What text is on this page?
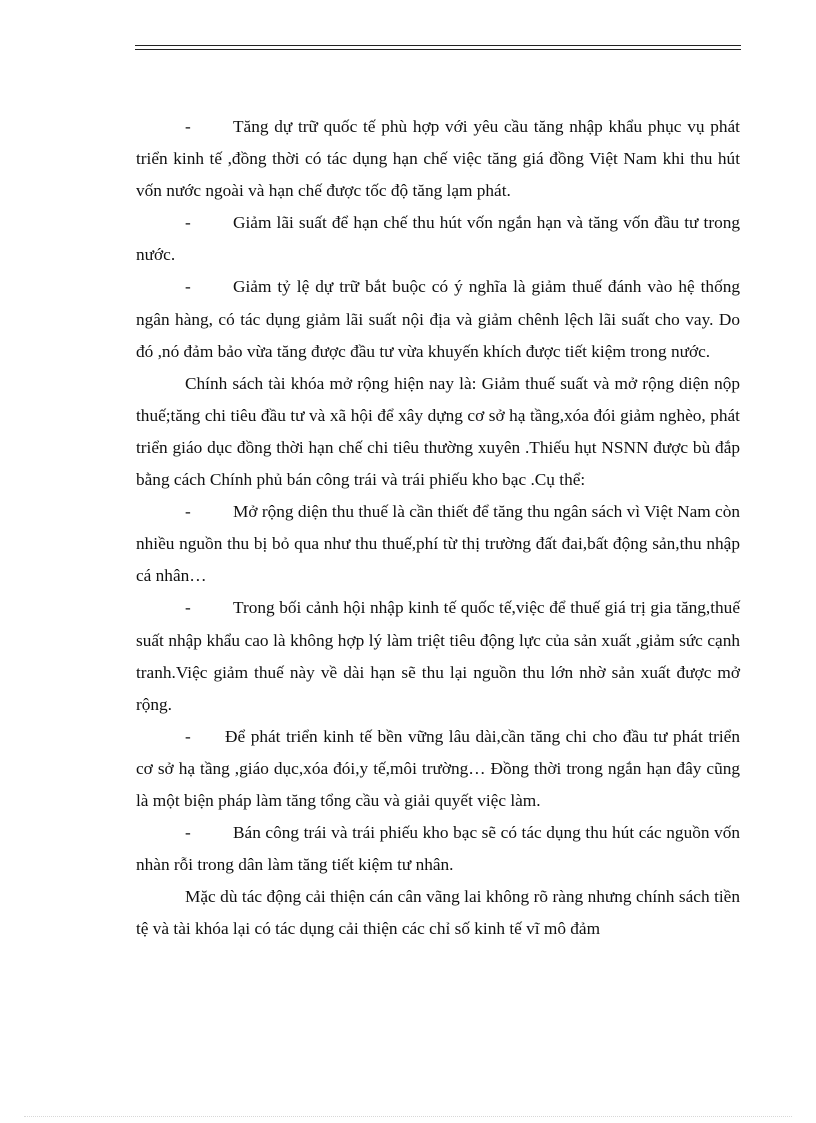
- Tăng dự trữ quốc tế phù hợp với yêu cầu tăng nhập khẩu phục vụ phát triển kinh tế ,đồng thời có tác dụng hạn chế việc tăng giá đồng Việt Nam khi thu hút vốn nước ngoài và hạn chế được tốc độ tăng lạm phát.

- Giảm lãi suất để hạn chế thu hút vốn ngắn hạn và tăng vốn đầu tư trong nước.

- Giảm tỷ lệ dự trữ bắt buộc có ý nghĩa là giảm thuế đánh vào hệ thống ngân hàng, có tác dụng giảm lãi suất nội địa và giảm chênh lệch lãi suất cho vay. Do đó ,nó đảm bảo vừa tăng được đầu tư vừa khuyến khích được tiết kiệm trong nước.

Chính sách tài khóa mở rộng hiện nay là: Giảm thuế suất và mở rộng diện nộp thuế;tăng chi tiêu đầu tư và xã hội để xây dựng cơ sở hạ tầng,xóa đói giảm nghèo, phát triển giáo dục đồng thời hạn chế chi tiêu thường xuyên .Thiếu hụt NSNN được bù đắp bằng cách Chính phủ bán công trái và trái phiếu kho bạc .Cụ thể:

- Mở rộng diện thu thuế là cần thiết để tăng thu ngân sách vì Việt Nam còn nhiều nguồn thu bị bỏ qua như thu thuế,phí từ thị trường đất đai,bất động sản,thu nhập cá nhân…

- Trong bối cảnh hội nhập kinh tế quốc tế,việc để thuế giá trị gia tăng,thuế suất nhập khẩu cao là không hợp lý làm triệt tiêu động lực của sản xuất ,giảm sức cạnh tranh.Việc giảm thuế này về dài hạn sẽ thu lại nguồn thu lớn nhờ sản xuất được mở rộng.

- Để phát triển kinh tế bền vững lâu dài,cần tăng chi cho đầu tư phát triển cơ sở hạ tầng ,giáo dục,xóa đói,y tế,môi trường… Đồng thời trong ngắn hạn đây cũng là một biện pháp làm tăng tổng cầu và giải quyết việc làm.

- Bán công trái và trái phiếu kho bạc sẽ có tác dụng thu hút các nguồn vốn nhàn rỗi trong dân làm tăng tiết kiệm tư nhân.

Mặc dù tác động cải thiện cán cân vãng lai không rõ ràng nhưng chính sách tiền tệ và tài khóa lại có tác dụng cải thiện các chỉ số kinh tế vĩ mô đảm
